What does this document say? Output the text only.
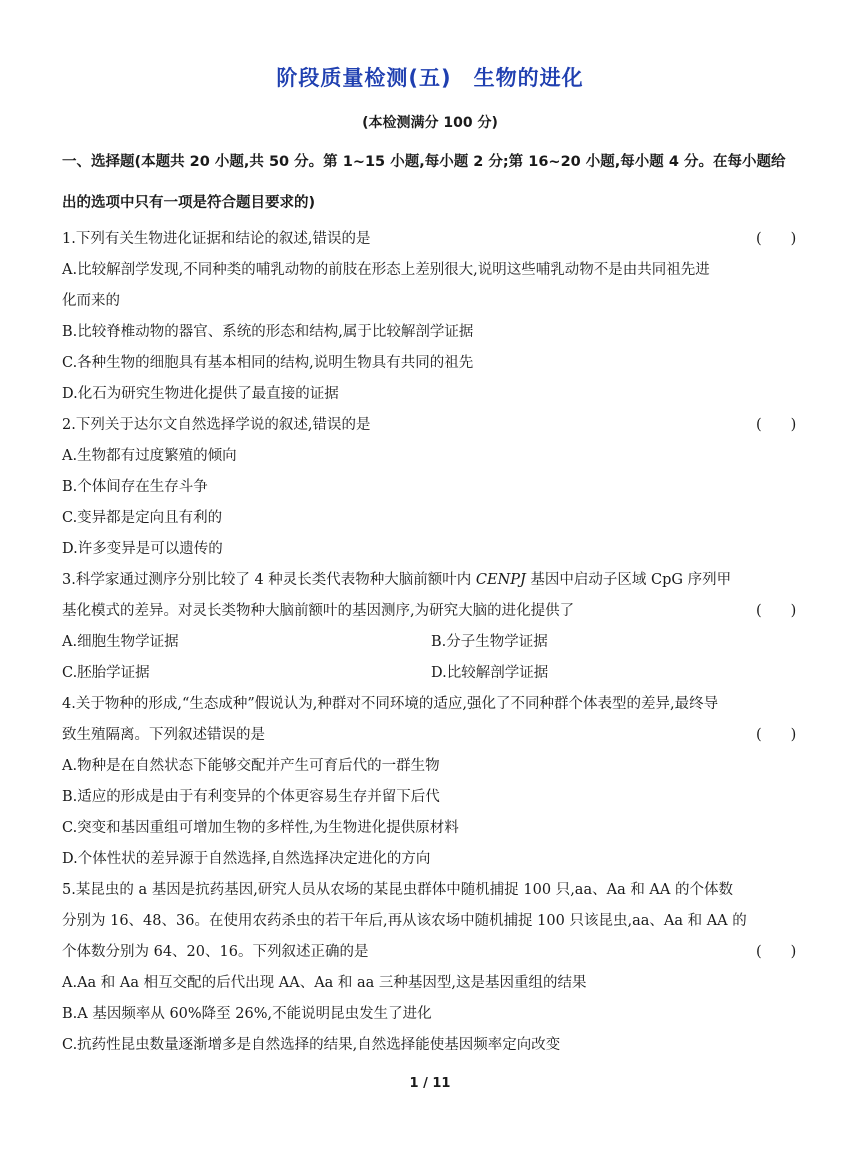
阶段质量检测(五)　生物的进化
(本检测满分 100 分)
一、选择题(本题共 20 小题,共 50 分。第 1~15 小题,每小题 2 分;第 16~20 小题,每小题 4 分。在每小题给
出的选项中只有一项是符合题目要求的)
1.下列有关生物进化证据和结论的叙述,错误的是	(　　)
A.比较解剖学发现,不同种类的哺乳动物的前肢在形态上差别很大,说明这些哺乳动物不是由共同祖先进
化而来的
B.比较脊椎动物的器官、系统的形态和结构,属于比较解剖学证据
C.各种生物的细胞具有基本相同的结构,说明生物具有共同的祖先
D.化石为研究生物进化提供了最直接的证据
2.下列关于达尔文自然选择学说的叙述,错误的是	(　　)
A.生物都有过度繁殖的倾向
B.个体间存在生存斗争
C.变异都是定向且有利的
D.许多变异是可以遗传的
3.科学家通过测序分别比较了 4 种灵长类代表物种大脑前额叶内 CENPJ 基因中启动子区域 CpG 序列甲
基化模式的差异。对灵长类物种大脑前额叶的基因测序,为研究大脑的进化提供了	(　　)
A.细胞生物学证据	B.分子生物学证据
C.胚胎学证据	D.比较解剖学证据
4.关于物种的形成,“生态成种”假说认为,种群对不同环境的适应,强化了不同种群个体表型的差异,最终导
致生殖隔离。下列叙述错误的是	(　　)
A.物种是在自然状态下能够交配并产生可育后代的一群生物
B.适应的形成是由于有利变异的个体更容易生存并留下后代
C.突变和基因重组可增加生物的多样性,为生物进化提供原材料
D.个体性状的差异源于自然选择,自然选择决定进化的方向
5.某昆虫的 a 基因是抗药基因,研究人员从农场的某昆虫群体中随机捕捉 100 只,aa、Aa 和 AA 的个体数
分别为 16、48、36。在使用农药杀虫的若干年后,再从该农场中随机捕捉 100 只该昆虫,aa、Aa 和 AA 的
个体数分别为 64、20、16。下列叙述正确的是	(　　)
A.Aa 和 Aa 相互交配的后代出现 AA、Aa 和 aa 三种基因型,这是基因重组的结果
B.A 基因频率从 60%降至 26%,不能说明昆虫发生了进化
C.抗药性昆虫数量逐渐增多是自然选择的结果,自然选择能使基因频率定向改变
1 / 11
